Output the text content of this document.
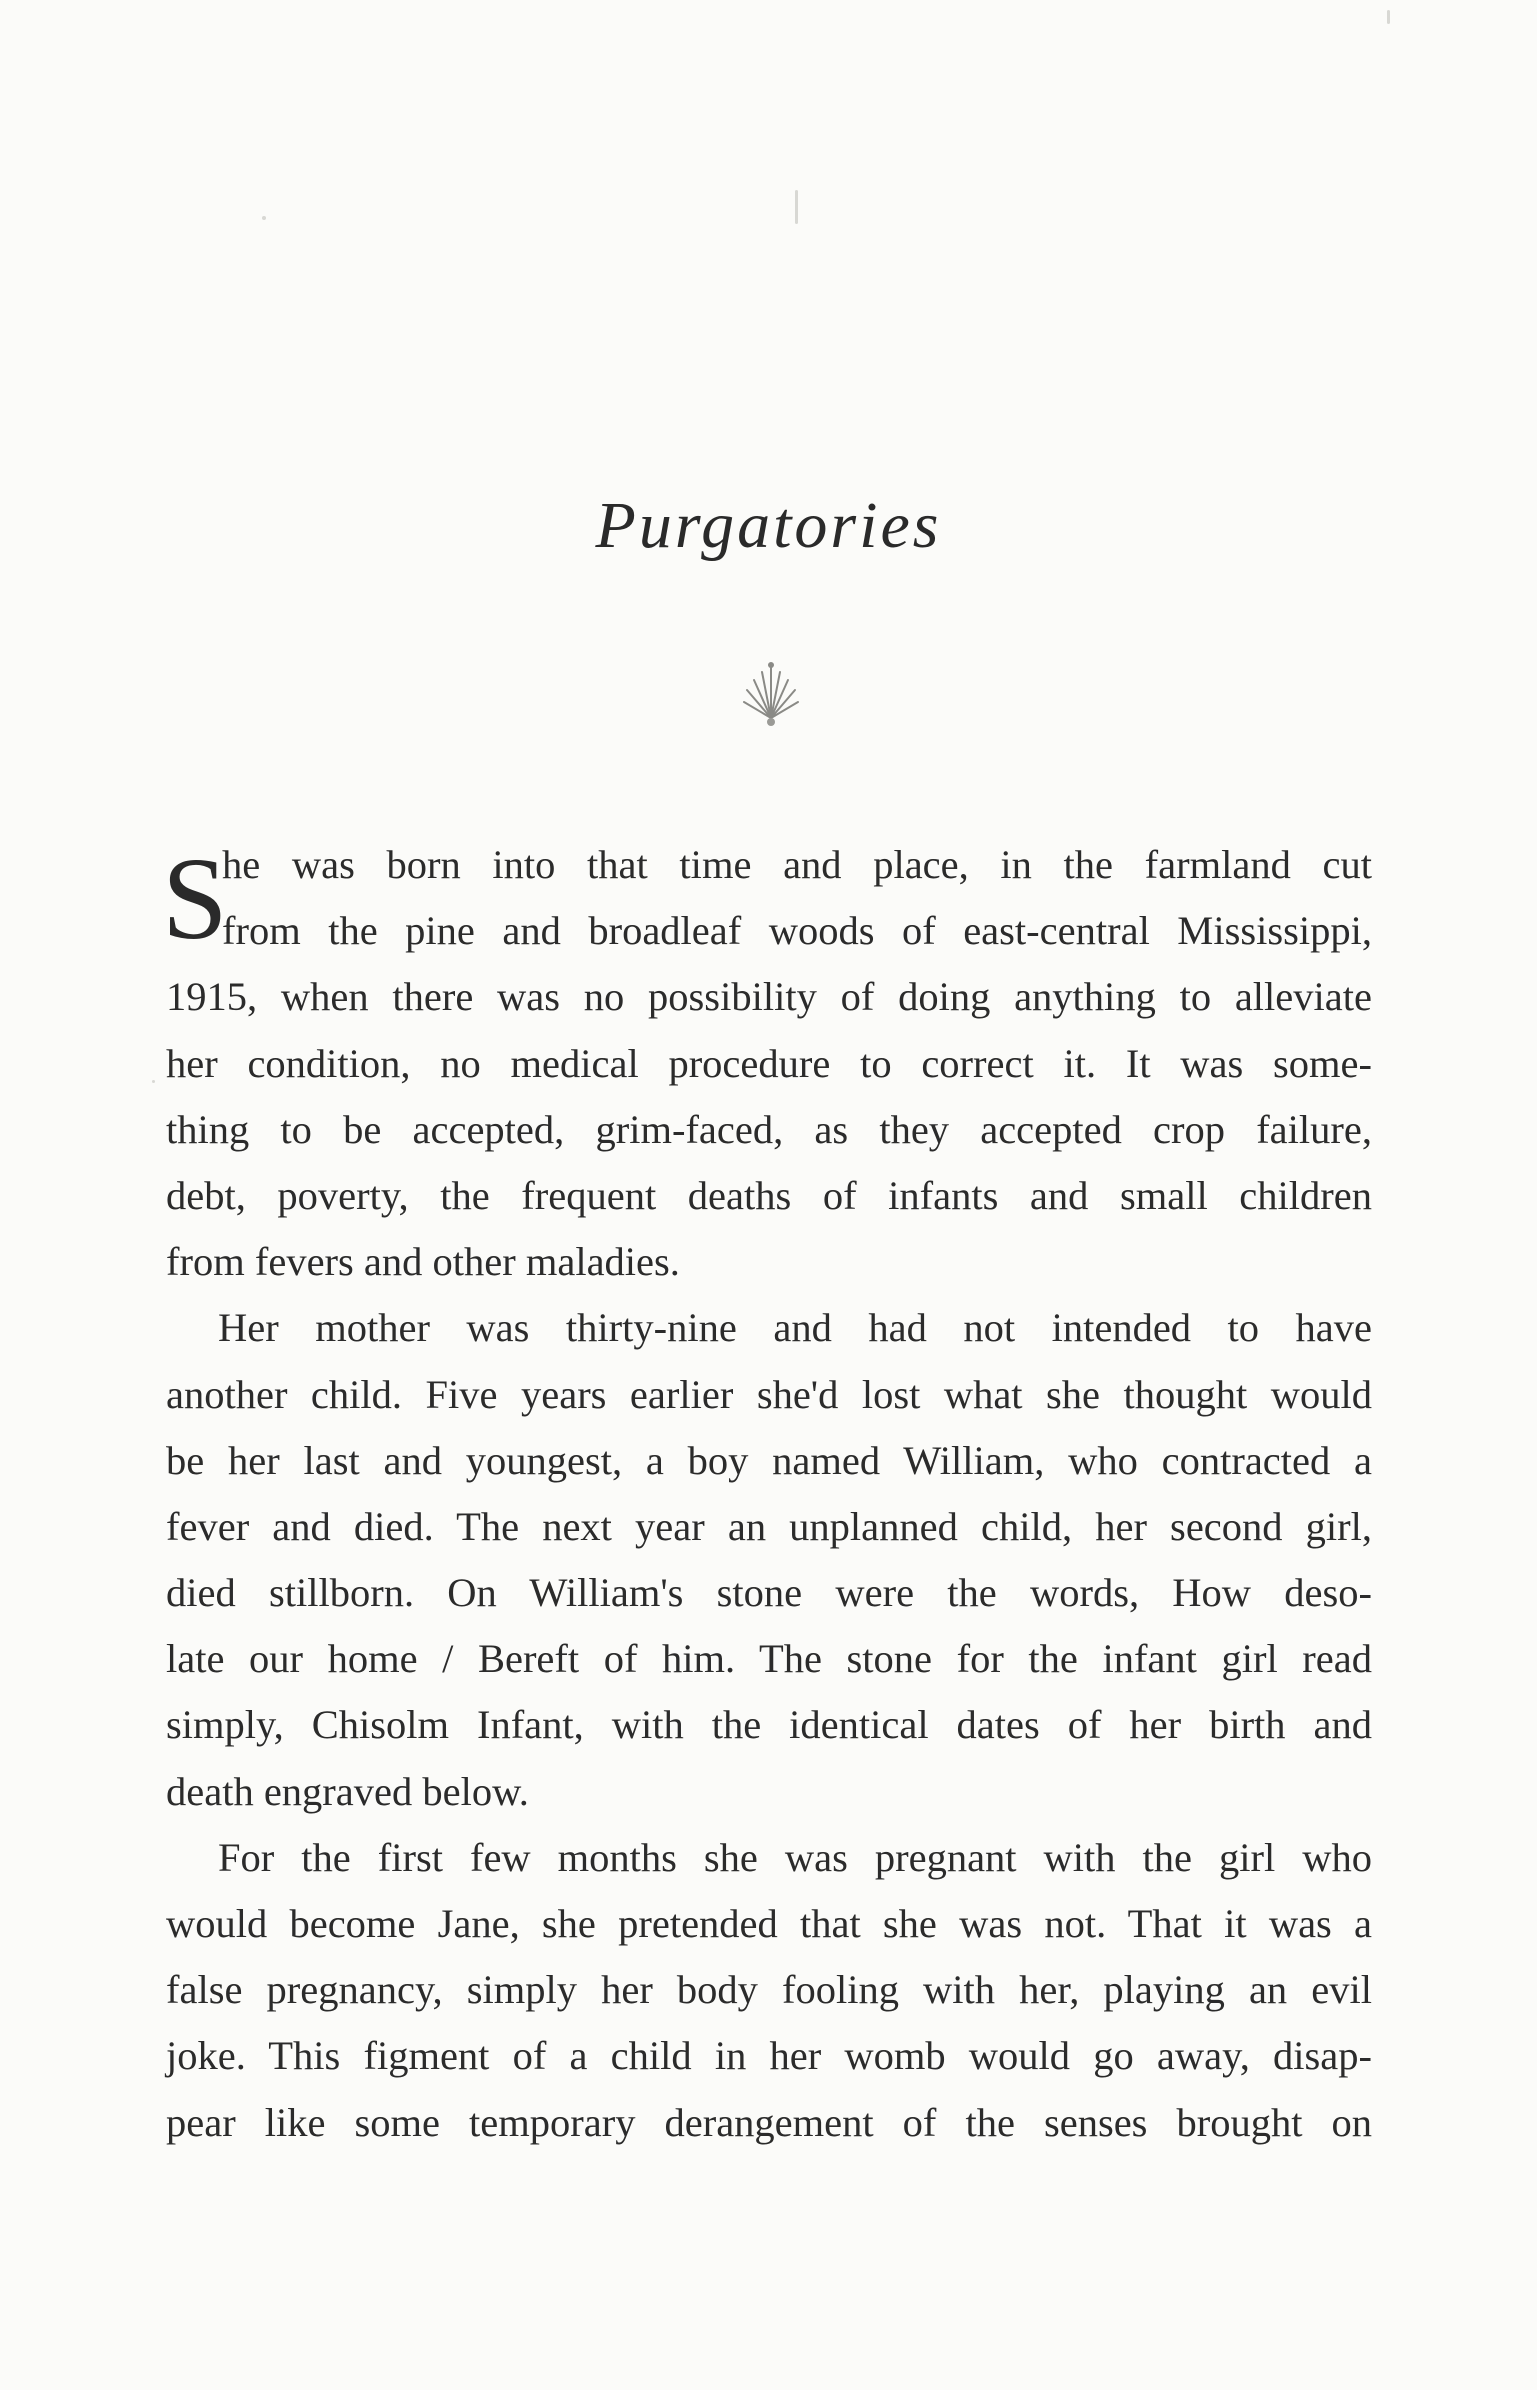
Purgatories
S
he was born into that time and place, in the farmland cut
from the pine and broadleaf woods of east-central Mississippi,
1915, when there was no possibility of doing anything to alleviate
her condition, no medical procedure to correct it. It was some-
thing to be accepted, grim-faced, as they accepted crop failure,
debt, poverty, the frequent deaths of infants and small children
from fevers and other maladies.
Her mother was thirty-nine and had not intended to have
another child. Five years earlier she'd lost what she thought would
be her last and youngest, a boy named William, who contracted a
fever and died. The next year an unplanned child, her second girl,
died stillborn. On William's stone were the words, How deso-
late our home / Bereft of him. The stone for the infant girl read
simply, Chisolm Infant, with the identical dates of her birth and
death engraved below.
For the first few months she was pregnant with the girl who
would become Jane, she pretended that she was not. That it was a
false pregnancy, simply her body fooling with her, playing an evil
joke. This figment of a child in her womb would go away, disap-
pear like some temporary derangement of the senses brought on
